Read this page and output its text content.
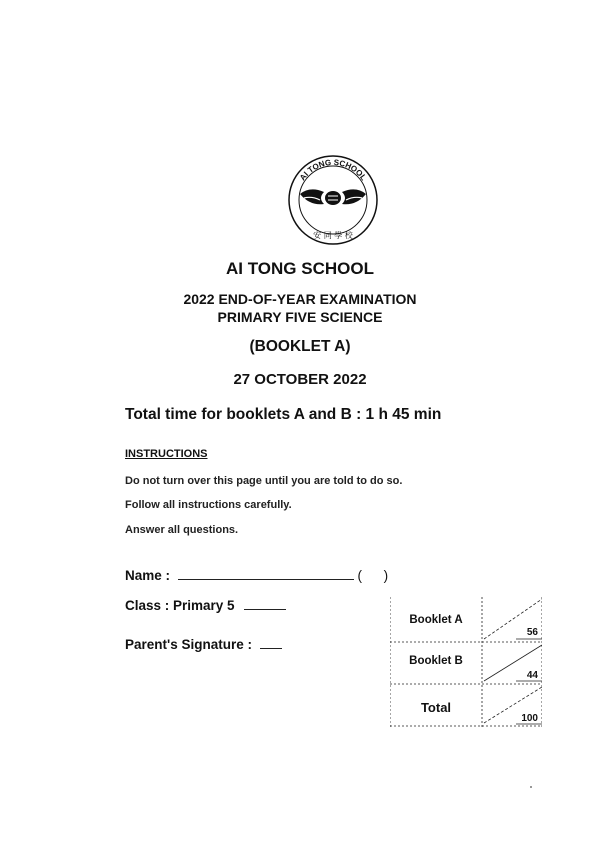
AI TONG SCHOOL
安 同 學 校
AI TONG SCHOOL
2022 END-OF-YEAR EXAMINATION
PRIMARY FIVE SCIENCE
(BOOKLET A)
27 OCTOBER 2022
Total time for booklets A and B : 1 h 45 min
INSTRUCTIONS
Do not turn over this page until you are told to do so.
Follow all instructions carefully.
Answer all questions.
Name :	( )
Class : Primary 5
Parent's Signature :
Booklet A
56
Booklet B
44
Total
100
